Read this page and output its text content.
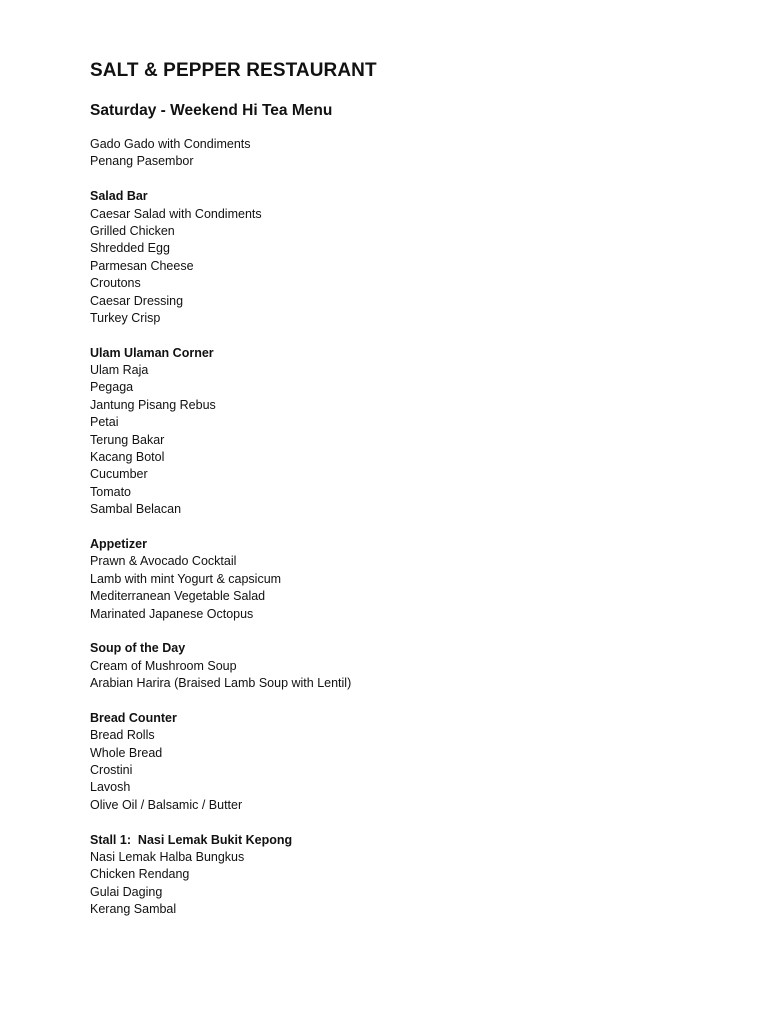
SALT & PEPPER RESTAURANT
Saturday - Weekend Hi Tea Menu
Gado Gado with Condiments
Penang Pasembor
Salad Bar
Caesar Salad with Condiments
Grilled Chicken
Shredded Egg
Parmesan Cheese
Croutons
Caesar Dressing
Turkey Crisp
Ulam Ulaman Corner
Ulam Raja
Pegaga
Jantung Pisang Rebus
Petai
Terung Bakar
Kacang Botol
Cucumber
Tomato
Sambal Belacan
Appetizer
Prawn & Avocado Cocktail
Lamb with mint Yogurt & capsicum
Mediterranean Vegetable Salad
Marinated Japanese Octopus
Soup of the Day
Cream of Mushroom Soup
Arabian Harira (Braised Lamb Soup with Lentil)
Bread Counter
Bread Rolls
Whole Bread
Crostini
Lavosh
Olive Oil / Balsamic / Butter
Stall 1:  Nasi Lemak Bukit Kepong
Nasi Lemak Halba Bungkus
Chicken Rendang
Gulai Daging
Kerang Sambal
